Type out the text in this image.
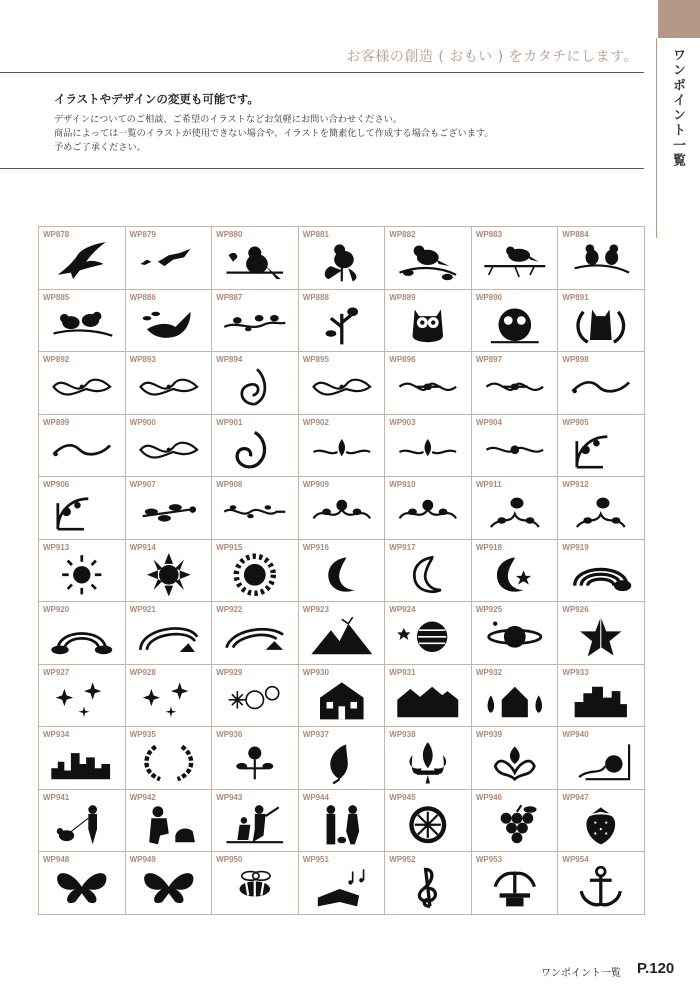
お客様の創造 ( おもい ) をカタチにします。 ワンポイント一覧
イラストやデザインの変更も可能です。
デザインについてのご相談、ご希望のイラストなどお気軽にお問い合わせください。
商品によっては一覧のイラストが使用できない場合や、イラストを簡素化して作成する場合もございます。
予めご了承ください。
WP878	WP879	WP880	WP881	WP882	WP883	WP884
WP885	WP886	WP887	WP888	WP889	WP890	WP891
WP892	WP893	WP894	WP895	WP896	WP897	WP898
WP899	WP900	WP901	WP902	WP903	WP904	WP905
WP906	WP907	WP908	WP909	WP910	WP911	WP912
WP913	WP914	WP915	WP916	WP917	WP918	WP919
WP920	WP921	WP922	WP923	WP924	WP925	WP926
WP927	WP928	WP929	WP930	WP931	WP932	WP933
WP934	WP935	WP936	WP937	WP938	WP939	WP940
WP941	WP942	WP943	WP944	WP945	WP946	WP947
WP948	WP949	WP950	WP951	WP952	WP953	WP954
ワンポイント一覧 P.120
